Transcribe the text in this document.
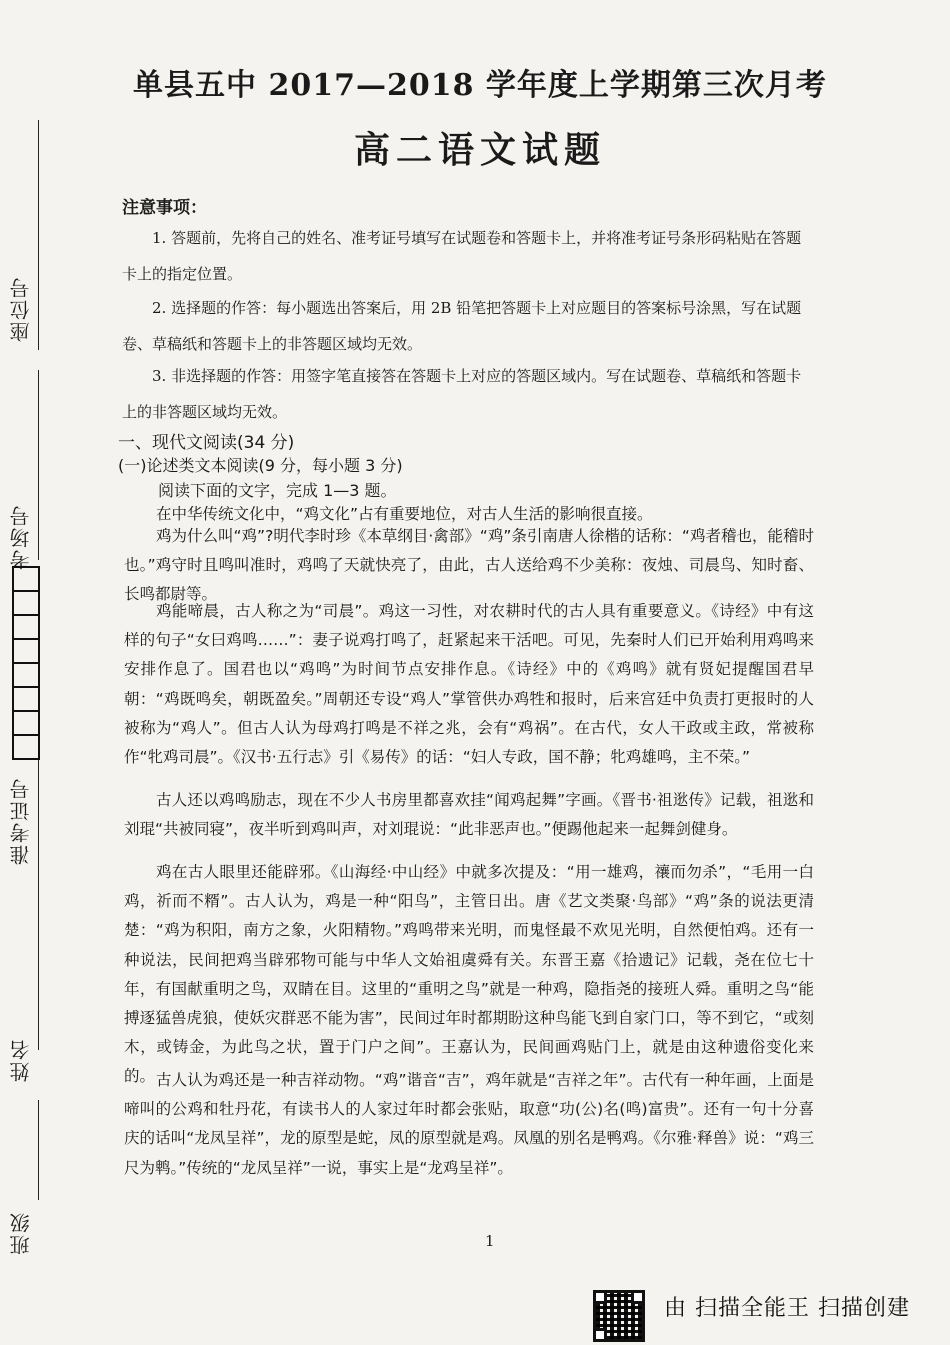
座位号
考场号
准考证号
姓名
班级
单县五中 2017—2018 学年度上学期第三次月考
高二语文试题
注意事项：
1. 答题前，先将自己的姓名、准考证号填写在试题卷和答题卡上，并将准考证号条形码粘贴在答题卡上的指定位置。
2. 选择题的作答：每小题选出答案后，用 2B 铅笔把答题卡上对应题目的答案标号涂黑，写在试题卷、草稿纸和答题卡上的非答题区域均无效。
3. 非选择题的作答：用签字笔直接答在答题卡上对应的答题区域内。写在试题卷、草稿纸和答题卡上的非答题区域均无效。
一、现代文阅读(34 分)
(一)论述类文本阅读(9 分，每小题 3 分)
阅读下面的文字，完成 1—3 题。
在中华传统文化中，“鸡文化”占有重要地位，对古人生活的影响很直接。
鸡为什么叫“鸡”?明代李时珍《本草纲目·禽部》“鸡”条引南唐人徐楷的话称：“鸡者稽也，能稽时也。”鸡守时且鸣叫准时，鸡鸣了天就快亮了，由此，古人送给鸡不少美称：夜烛、司晨鸟、知时畜、长鸣都尉等。
鸡能啼晨，古人称之为“司晨”。鸡这一习性，对农耕时代的古人具有重要意义。《诗经》中有这样的句子“女曰鸡鸣……”：妻子说鸡打鸣了，赶紧起来干活吧。可见，先秦时人们已开始利用鸡鸣来安排作息了。国君也以“鸡鸣”为时间节点安排作息。《诗经》中的《鸡鸣》就有贤妃提醒国君早朝：“鸡既鸣矣，朝既盈矣。”周朝还专设“鸡人”掌管供办鸡牲和报时，后来宫廷中负责打更报时的人被称为“鸡人”。但古人认为母鸡打鸣是不祥之兆，会有“鸡祸”。在古代，女人干政或主政，常被称作“牝鸡司晨”。《汉书·五行志》引《易传》的话：“妇人专政，国不静；牝鸡雄鸣，主不荣。”
古人还以鸡鸣励志，现在不少人书房里都喜欢挂“闻鸡起舞”字画。《晋书·祖逖传》记载，祖逖和刘琨“共被同寝”，夜半听到鸡叫声，对刘琨说：“此非恶声也。”便踢他起来一起舞剑健身。
鸡在古人眼里还能辟邪。《山海经·中山经》中就多次提及：“用一雄鸡，禳而勿杀”，“毛用一白鸡，祈而不糈”。古人认为，鸡是一种“阳鸟”，主管日出。唐《艺文类聚·鸟部》“鸡”条的说法更清楚：“鸡为积阳，南方之象，火阳精物。”鸡鸣带来光明，而鬼怪最不欢见光明，自然便怕鸡。还有一种说法，民间把鸡当辟邪物可能与中华人文始祖虞舜有关。东晋王嘉《拾遗记》记载，尧在位七十年，有国献重明之鸟，双睛在目。这里的“重明之鸟”就是一种鸡，隐指尧的接班人舜。重明之鸟“能搏逐猛兽虎狼，使妖灾群恶不能为害”，民间过年时都期盼这种鸟能飞到自家门口，等不到它，“或刻木，或铸金，为此鸟之状，置于门户之间”。王嘉认为，民间画鸡贴门上，就是由这种遗俗变化来的。 古人认为鸡还是一种吉祥动物。“鸡”谐音“吉”，鸡年就是“吉祥之年”。古代有一种年画，上面是啼叫的公鸡和牡丹花，有读书人的人家过年时都会张贴，取意“功(公)名(鸣)富贵”。还有一句十分喜庆的话叫“龙凤呈祥”，龙的原型是蛇，凤的原型就是鸡。凤凰的别名是鸭鸡。《尔雅·释兽》说：“鸡三尺为鹎。”传统的“龙凤呈祥”一说，事实上是“龙鸡呈祥”。
1
由 扫描全能王 扫描创建
